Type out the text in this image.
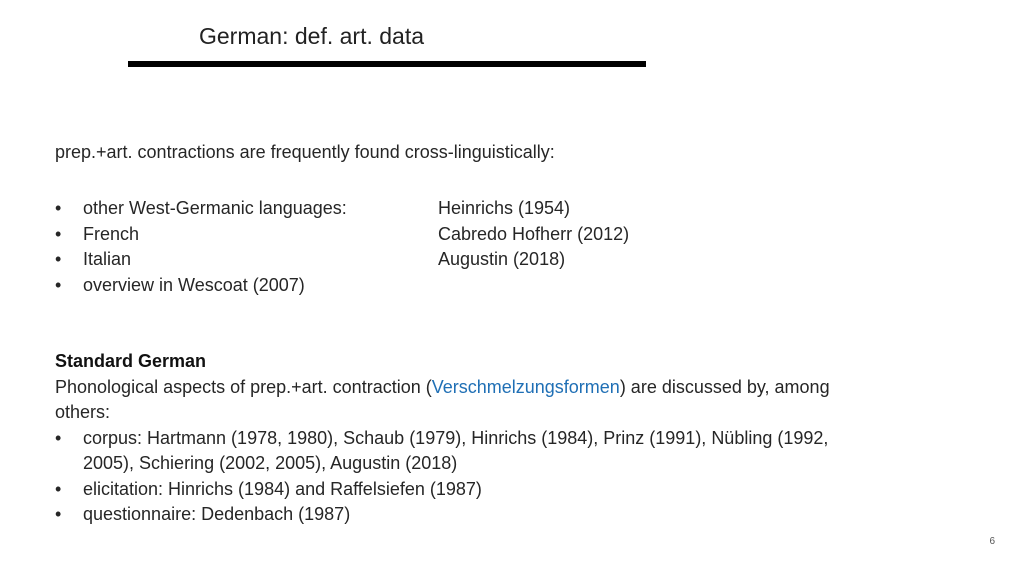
German: def. art. data
prep.+art. contractions are frequently found cross-linguistically:
• other West-Germanic languages:	Heinrichs (1954)
• French	Cabredo Hofherr (2012)
• Italian	Augustin (2018)
• overview in Wescoat (2007)
Standard German
Phonological aspects of prep.+art. contraction (Verschmelzungsformen) are discussed by, among others:
• corpus: Hartmann (1978, 1980), Schaub (1979), Hinrichs (1984), Prinz (1991), Nübling (1992, 2005), Schiering (2002, 2005), Augustin (2018)
• elicitation: Hinrichs (1984) and Raffelsiefen (1987)
• questionnaire: Dedenbach (1987)
6
